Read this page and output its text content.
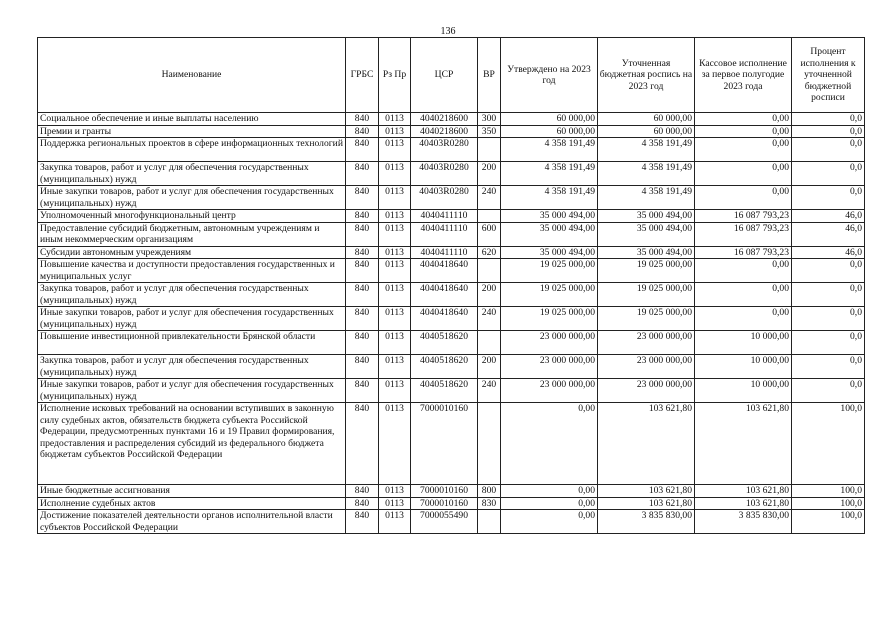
136
Наименование	ГРБС	Рз Пр	ЦСР	ВР	Утверждено на 2023 год	Уточненная бюджетная роспись на 2023 год	Кассовое исполнение за первое полугодие 2023 года	Процент исполнения к уточненной бюджетной росписи
Социальное обеспечение и иные выплаты населению	840	0113	4040218600	300	60 000,00	60 000,00	0,00	0,0
Премии и гранты	840	0113	4040218600	350	60 000,00	60 000,00	0,00	0,0
Поддержка региональных проектов в сфере информационных технологий	840	0113	40403R0280		4 358 191,49	4 358 191,49	0,00	0,0
Закупка товаров, работ и услуг для обеспечения государственных (муниципальных) нужд	840	0113	40403R0280	200	4 358 191,49	4 358 191,49	0,00	0,0
Иные закупки товаров, работ и услуг для обеспечения государственных (муниципальных) нужд	840	0113	40403R0280	240	4 358 191,49	4 358 191,49	0,00	0,0
Уполномоченный многофункциональный центр	840	0113	4040411110		35 000 494,00	35 000 494,00	16 087 793,23	46,0
Предоставление субсидий бюджетным, автономным учреждениям и иным некоммерческим организациям	840	0113	4040411110	600	35 000 494,00	35 000 494,00	16 087 793,23	46,0
Субсидии автономным учреждениям	840	0113	4040411110	620	35 000 494,00	35 000 494,00	16 087 793,23	46,0
Повышение качества и доступности предоставления государственных и муниципальных услуг	840	0113	4040418640		19 025 000,00	19 025 000,00	0,00	0,0
Закупка товаров, работ и услуг для обеспечения государственных (муниципальных) нужд	840	0113	4040418640	200	19 025 000,00	19 025 000,00	0,00	0,0
Иные закупки товаров, работ и услуг для обеспечения государственных (муниципальных) нужд	840	0113	4040418640	240	19 025 000,00	19 025 000,00	0,00	0,0
Повышение инвестиционной привлекательности Брянской области	840	0113	4040518620		23 000 000,00	23 000 000,00	10 000,00	0,0
Закупка товаров, работ и услуг для обеспечения государственных (муниципальных) нужд	840	0113	4040518620	200	23 000 000,00	23 000 000,00	10 000,00	0,0
Иные закупки товаров, работ и услуг для обеспечения государственных (муниципальных) нужд	840	0113	4040518620	240	23 000 000,00	23 000 000,00	10 000,00	0,0
Исполнение исковых требований на основании вступивших в законную силу судебных актов, обязательств бюджета субъекта Российской Федерации, предусмотренных пунктами 16 и 19 Правил формирования, предоставления и распределения субсидий из федерального бюджета бюджетам субъектов Российской Федерации	840	0113	7000010160		0,00	103 621,80	103 621,80	100,0
Иные бюджетные ассигнования	840	0113	7000010160	800	0,00	103 621,80	103 621,80	100,0
Исполнение судебных актов	840	0113	7000010160	830	0,00	103 621,80	103 621,80	100,0
Достижение показателей деятельности органов исполнительной власти субъектов Российской Федерации	840	0113	7000055490		0,00	3 835 830,00	3 835 830,00	100,0
